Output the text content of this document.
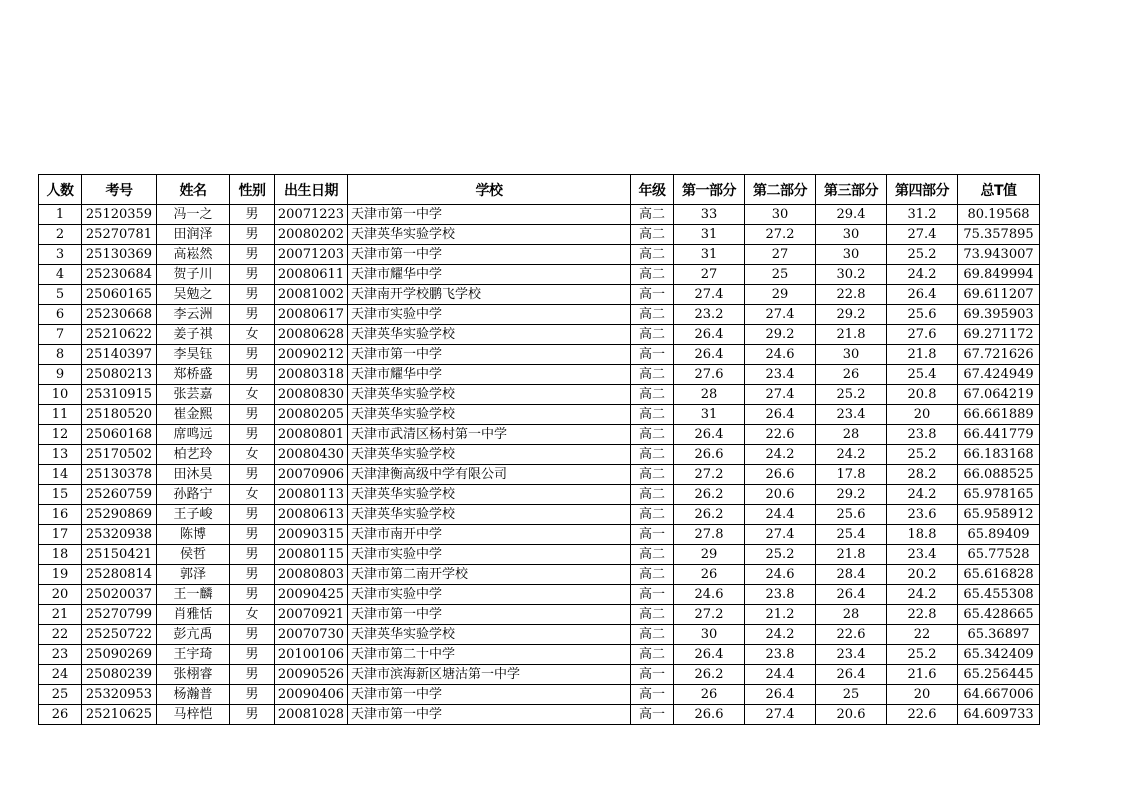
人数	考号	姓名	性别	出生日期	学校	年级	第一部分	第二部分	第三部分	第四部分	总T值
1	25120359	冯一之	男	20071223	天津市第一中学	高二	33	30	29.4	31.2	80.19568
2	25270781	田润泽	男	20080202	天津英华实验学校	高二	31	27.2	30	27.4	75.357895
3	25130369	高崧然	男	20071203	天津市第一中学	高二	31	27	30	25.2	73.943007
4	25230684	贺子川	男	20080611	天津市耀华中学	高二	27	25	30.2	24.2	69.849994
5	25060165	吴勉之	男	20081002	天津南开学校鹏飞学校	高一	27.4	29	22.8	26.4	69.611207
6	25230668	李云洲	男	20080617	天津市实验中学	高二	23.2	27.4	29.2	25.6	69.395903
7	25210622	姜子祺	女	20080628	天津英华实验学校	高二	26.4	29.2	21.8	27.6	69.271172
8	25140397	李昊钰	男	20090212	天津市第一中学	高一	26.4	24.6	30	21.8	67.721626
9	25080213	郑桥盛	男	20080318	天津市耀华中学	高二	27.6	23.4	26	25.4	67.424949
10	25310915	张芸嘉	女	20080830	天津英华实验学校	高二	28	27.4	25.2	20.8	67.064219
11	25180520	崔金熙	男	20080205	天津英华实验学校	高二	31	26.4	23.4	20	66.661889
12	25060168	席鸣远	男	20080801	天津市武清区杨村第一中学	高二	26.4	22.6	28	23.8	66.441779
13	25170502	柏艺玲	女	20080430	天津英华实验学校	高二	26.6	24.2	24.2	25.2	66.183168
14	25130378	田沐昊	男	20070906	天津津衡高级中学有限公司	高二	27.2	26.6	17.8	28.2	66.088525
15	25260759	孙路宁	女	20080113	天津英华实验学校	高二	26.2	20.6	29.2	24.2	65.978165
16	25290869	王子峻	男	20080613	天津英华实验学校	高二	26.2	24.4	25.6	23.6	65.958912
17	25320938	陈博	男	20090315	天津市南开中学	高一	27.8	27.4	25.4	18.8	65.89409
18	25150421	侯哲	男	20080115	天津市实验中学	高二	29	25.2	21.8	23.4	65.77528
19	25280814	郭泽	男	20080803	天津市第二南开学校	高二	26	24.6	28.4	20.2	65.616828
20	25020037	王一麟	男	20090425	天津市实验中学	高一	24.6	23.8	26.4	24.2	65.455308
21	25270799	肖雅恬	女	20070921	天津市第一中学	高二	27.2	21.2	28	22.8	65.428665
22	25250722	彭亢禹	男	20070730	天津英华实验学校	高二	30	24.2	22.6	22	65.36897
23	25090269	王宇琦	男	20100106	天津市第二十中学	高二	26.4	23.8	23.4	25.2	65.342409
24	25080239	张栩睿	男	20090526	天津市滨海新区塘沽第一中学	高一	26.2	24.4	26.4	21.6	65.256445
25	25320953	杨瀚普	男	20090406	天津市第一中学	高一	26	26.4	25	20	64.667006
26	25210625	马梓恺	男	20081028	天津市第一中学	高一	26.6	27.4	20.6	22.6	64.609733
